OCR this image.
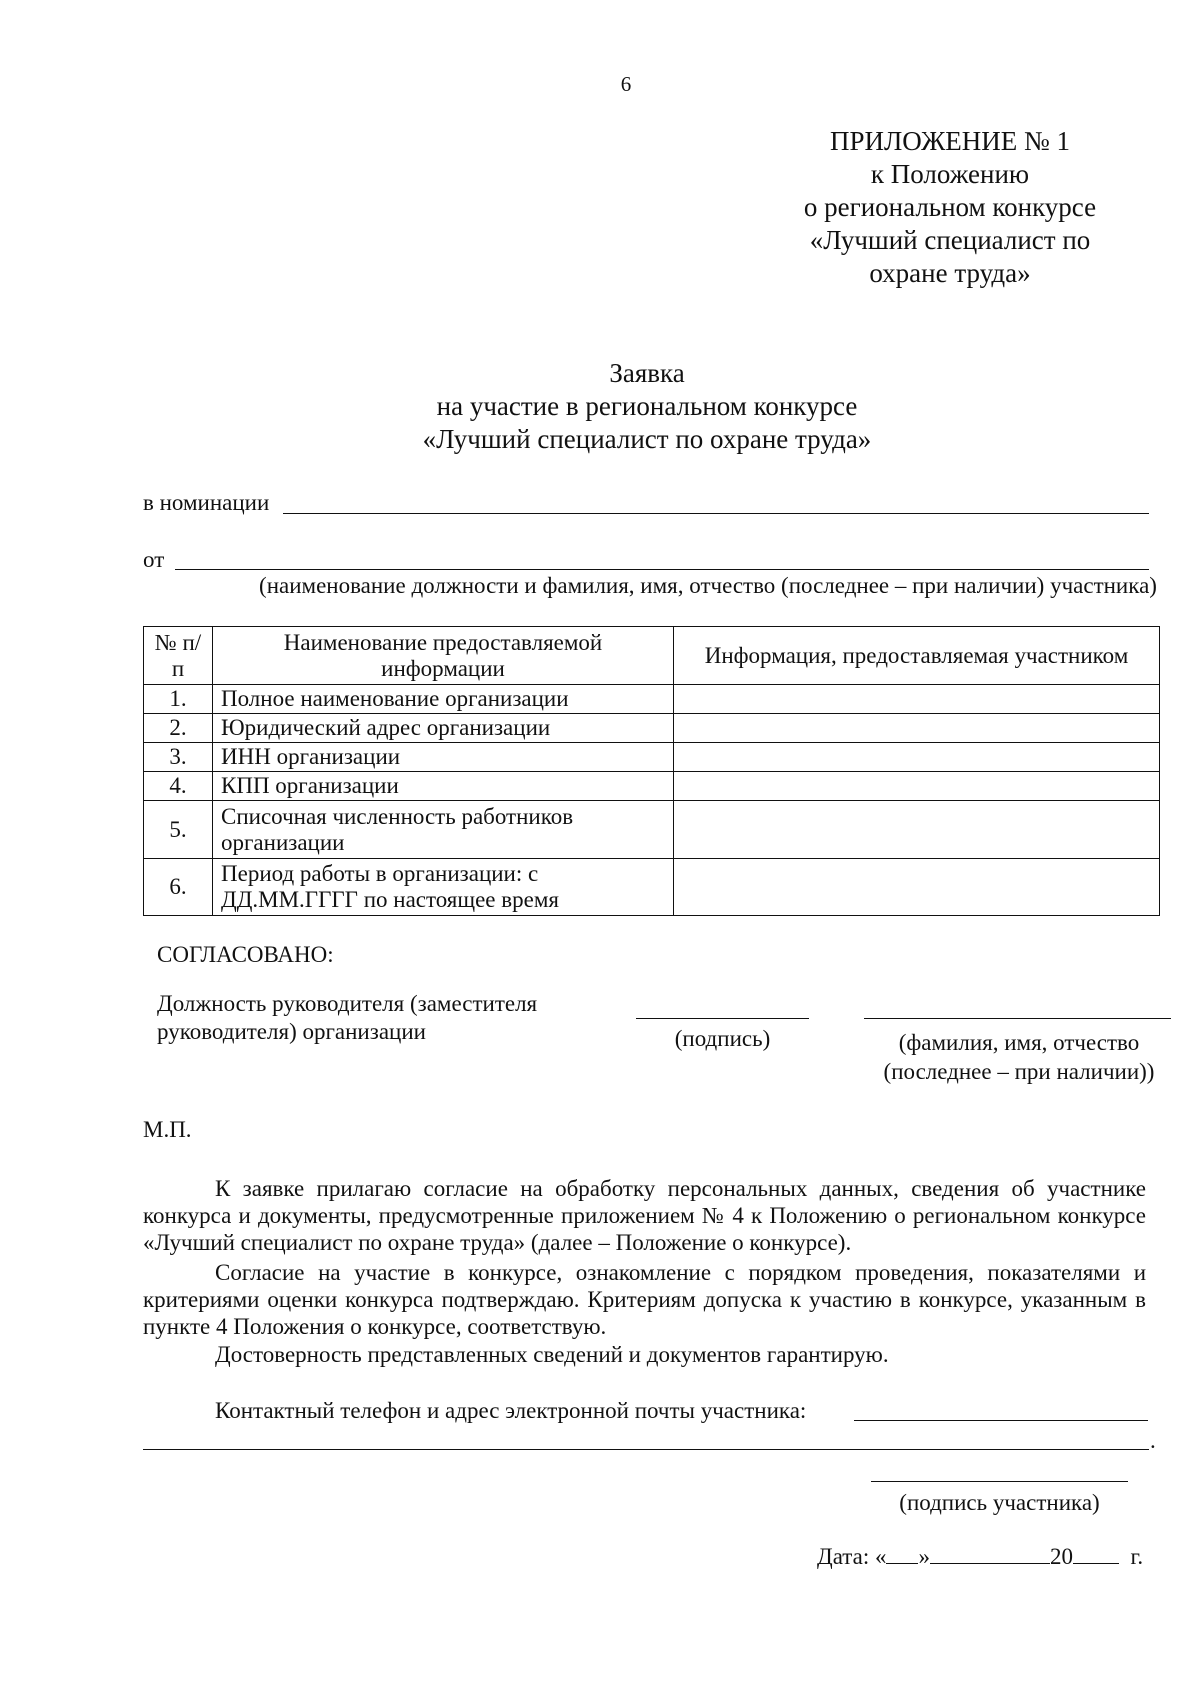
6
ПРИЛОЖЕНИЕ № 1
к Положению
о региональном конкурсе
«Лучший специалист по
охране труда»
Заявка
на участие в региональном конкурсе
«Лучший специалист по охране труда»
в номинации
от
(наименование должности и фамилия, имя, отчество (последнее – при наличии) участника)
№ п/п	Наименование предоставляемой информации	Информация, предоставляемая участником
1.	Полное наименование организации	
2.	Юридический адрес организации	
3.	ИНН организации	
4.	КПП организации	
5.	Списочная численность работников организации	
6.	Период работы в организации: с ДД.ММ.ГГГГ по настоящее время	
СОГЛАСОВАНО:
Должность руководителя (заместителя
руководителя) организации	(подпись)	(фамилия, имя, отчество
(последнее – при наличии))
М.П.
К заявке прилагаю согласие на обработку персональных данных, сведения об участнике конкурса и документы, предусмотренные приложением № 4 к Положению о региональном конкурсе «Лучший специалист по охране труда» (далее – Положение о конкурсе).
Согласие на участие в конкурсе, ознакомление с порядком проведения, показателями и критериями оценки конкурса подтверждаю. Критериям допуска к участию в конкурсе, указанным в пункте 4 Положения о конкурсе, соответствую.
Достоверность представленных сведений и документов гарантирую.
Контактный телефон и адрес электронной почты участника:
.
(подпись участника)
Дата: « »	20	г.
